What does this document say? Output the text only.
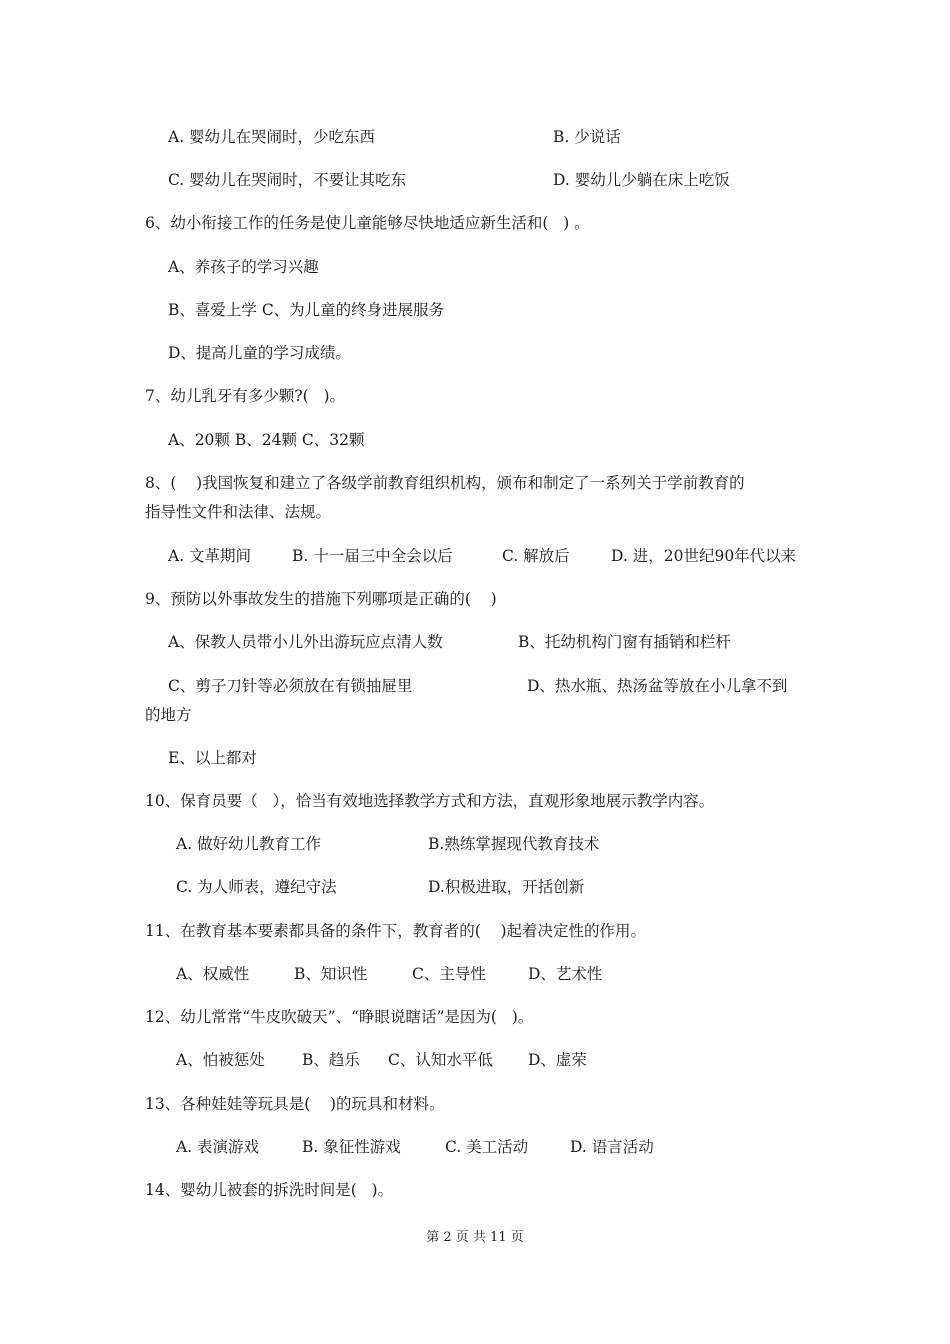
A. 婴幼儿在哭闹时，少吃东西	B. 少说话
C. 婴幼儿在哭闹时，不要让其吃东	D. 婴幼儿少躺在床上吃饭
6、幼小衔接工作的任务是使儿童能够尽快地适应新生活和(   ) 。
A、养孩子的学习兴趣
B、喜爱上学 C、为儿童的终身进展服务
D、提高儿童的学习成绩。
7、幼儿乳牙有多少颗?(   )。
A、20颗 B、24颗 C、32颗
8、(    )我国恢复和建立了各级学前教育组织机构，颁布和制定了一系列关于学前教育的
指导性文件和法律、法规。
A. 文革期间	B. 十一届三中全会以后	C. 解放后	D. 进，20世纪90年代以来
9、预防以外事故发生的措施下列哪项是正确的(    )
A、保教人员带小儿外出游玩应点清人数	B、托幼机构门窗有插销和栏杆
C、剪子刀针等必须放在有锁抽屉里	D、热水瓶、热汤盆等放在小儿拿不到
的地方
E、以上都对
10、保育员要（   ），恰当有效地选择教学方式和方法，直观形象地展示教学内容。
A. 做好幼儿教育工作	B.熟练掌握现代教育技术
C. 为人师表，遵纪守法	D.积极进取，开括创新
11、在教育基本要素都具备的条件下，教育者的(    )起着决定性的作用。
A、权威性	B、知识性	C、主导性	D、艺术性
12、幼儿常常“牛皮吹破天”、“睁眼说瞎话”是因为(   )。
A、怕被惩处 B、趋乐 C、认知水平低 D、虚荣
13、各种娃娃等玩具是(    )的玩具和材料。
A. 表演游戏	B. 象征性游戏	C. 美工活动	D. 语言活动
14、婴幼儿被套的拆洗时间是(   )。
第 2 页 共 11 页
